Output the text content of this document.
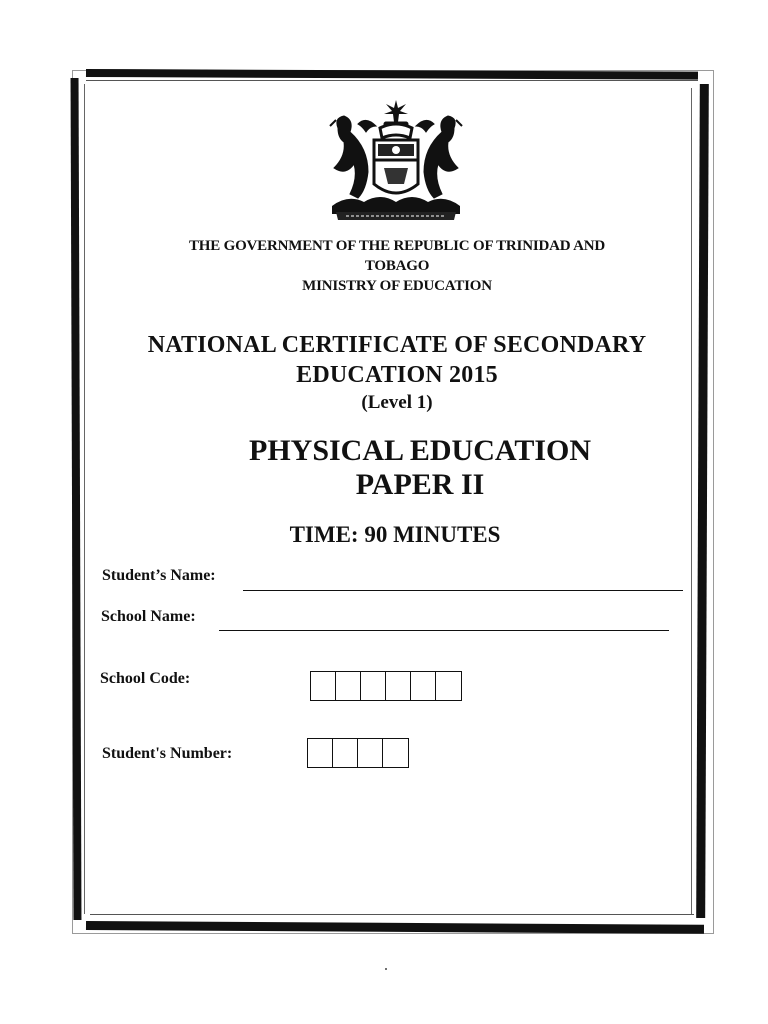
THE GOVERNMENT OF THE REPUBLIC OF TRINIDAD AND
TOBAGO
MINISTRY OF EDUCATION
NATIONAL CERTIFICATE OF SECONDARY
EDUCATION 2015
(Level 1)
PHYSICAL EDUCATION
PAPER II
TIME: 90 MINUTES
Student’s Name:
School Name:
School Code:
Student's Number:
